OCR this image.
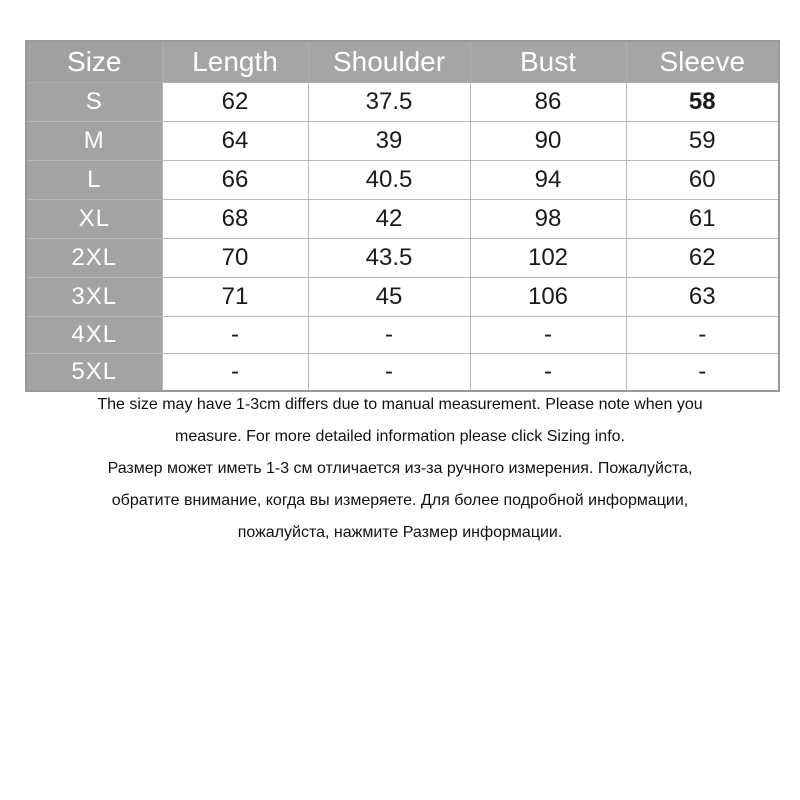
Size	Length	Shoulder	Bust	Sleeve
S	62	37.5	86	58
M	64	39	90	59
L	66	40.5	94	60
XL	68	42	98	61
2XL	70	43.5	102	62
3XL	71	45	106	63
4XL	-	-	-	-
5XL	-	-	-	-

The size may have 1-3cm differs due to manual measurement. Please note when you

measure. For more detailed information please click Sizing info.

Размер может иметь 1-3 см отличается из-за ручного измерения. Пожалуйста,

обратите внимание, когда вы измеряете. Для более подробной информации,

пожалуйста, нажмите Размер информации.
